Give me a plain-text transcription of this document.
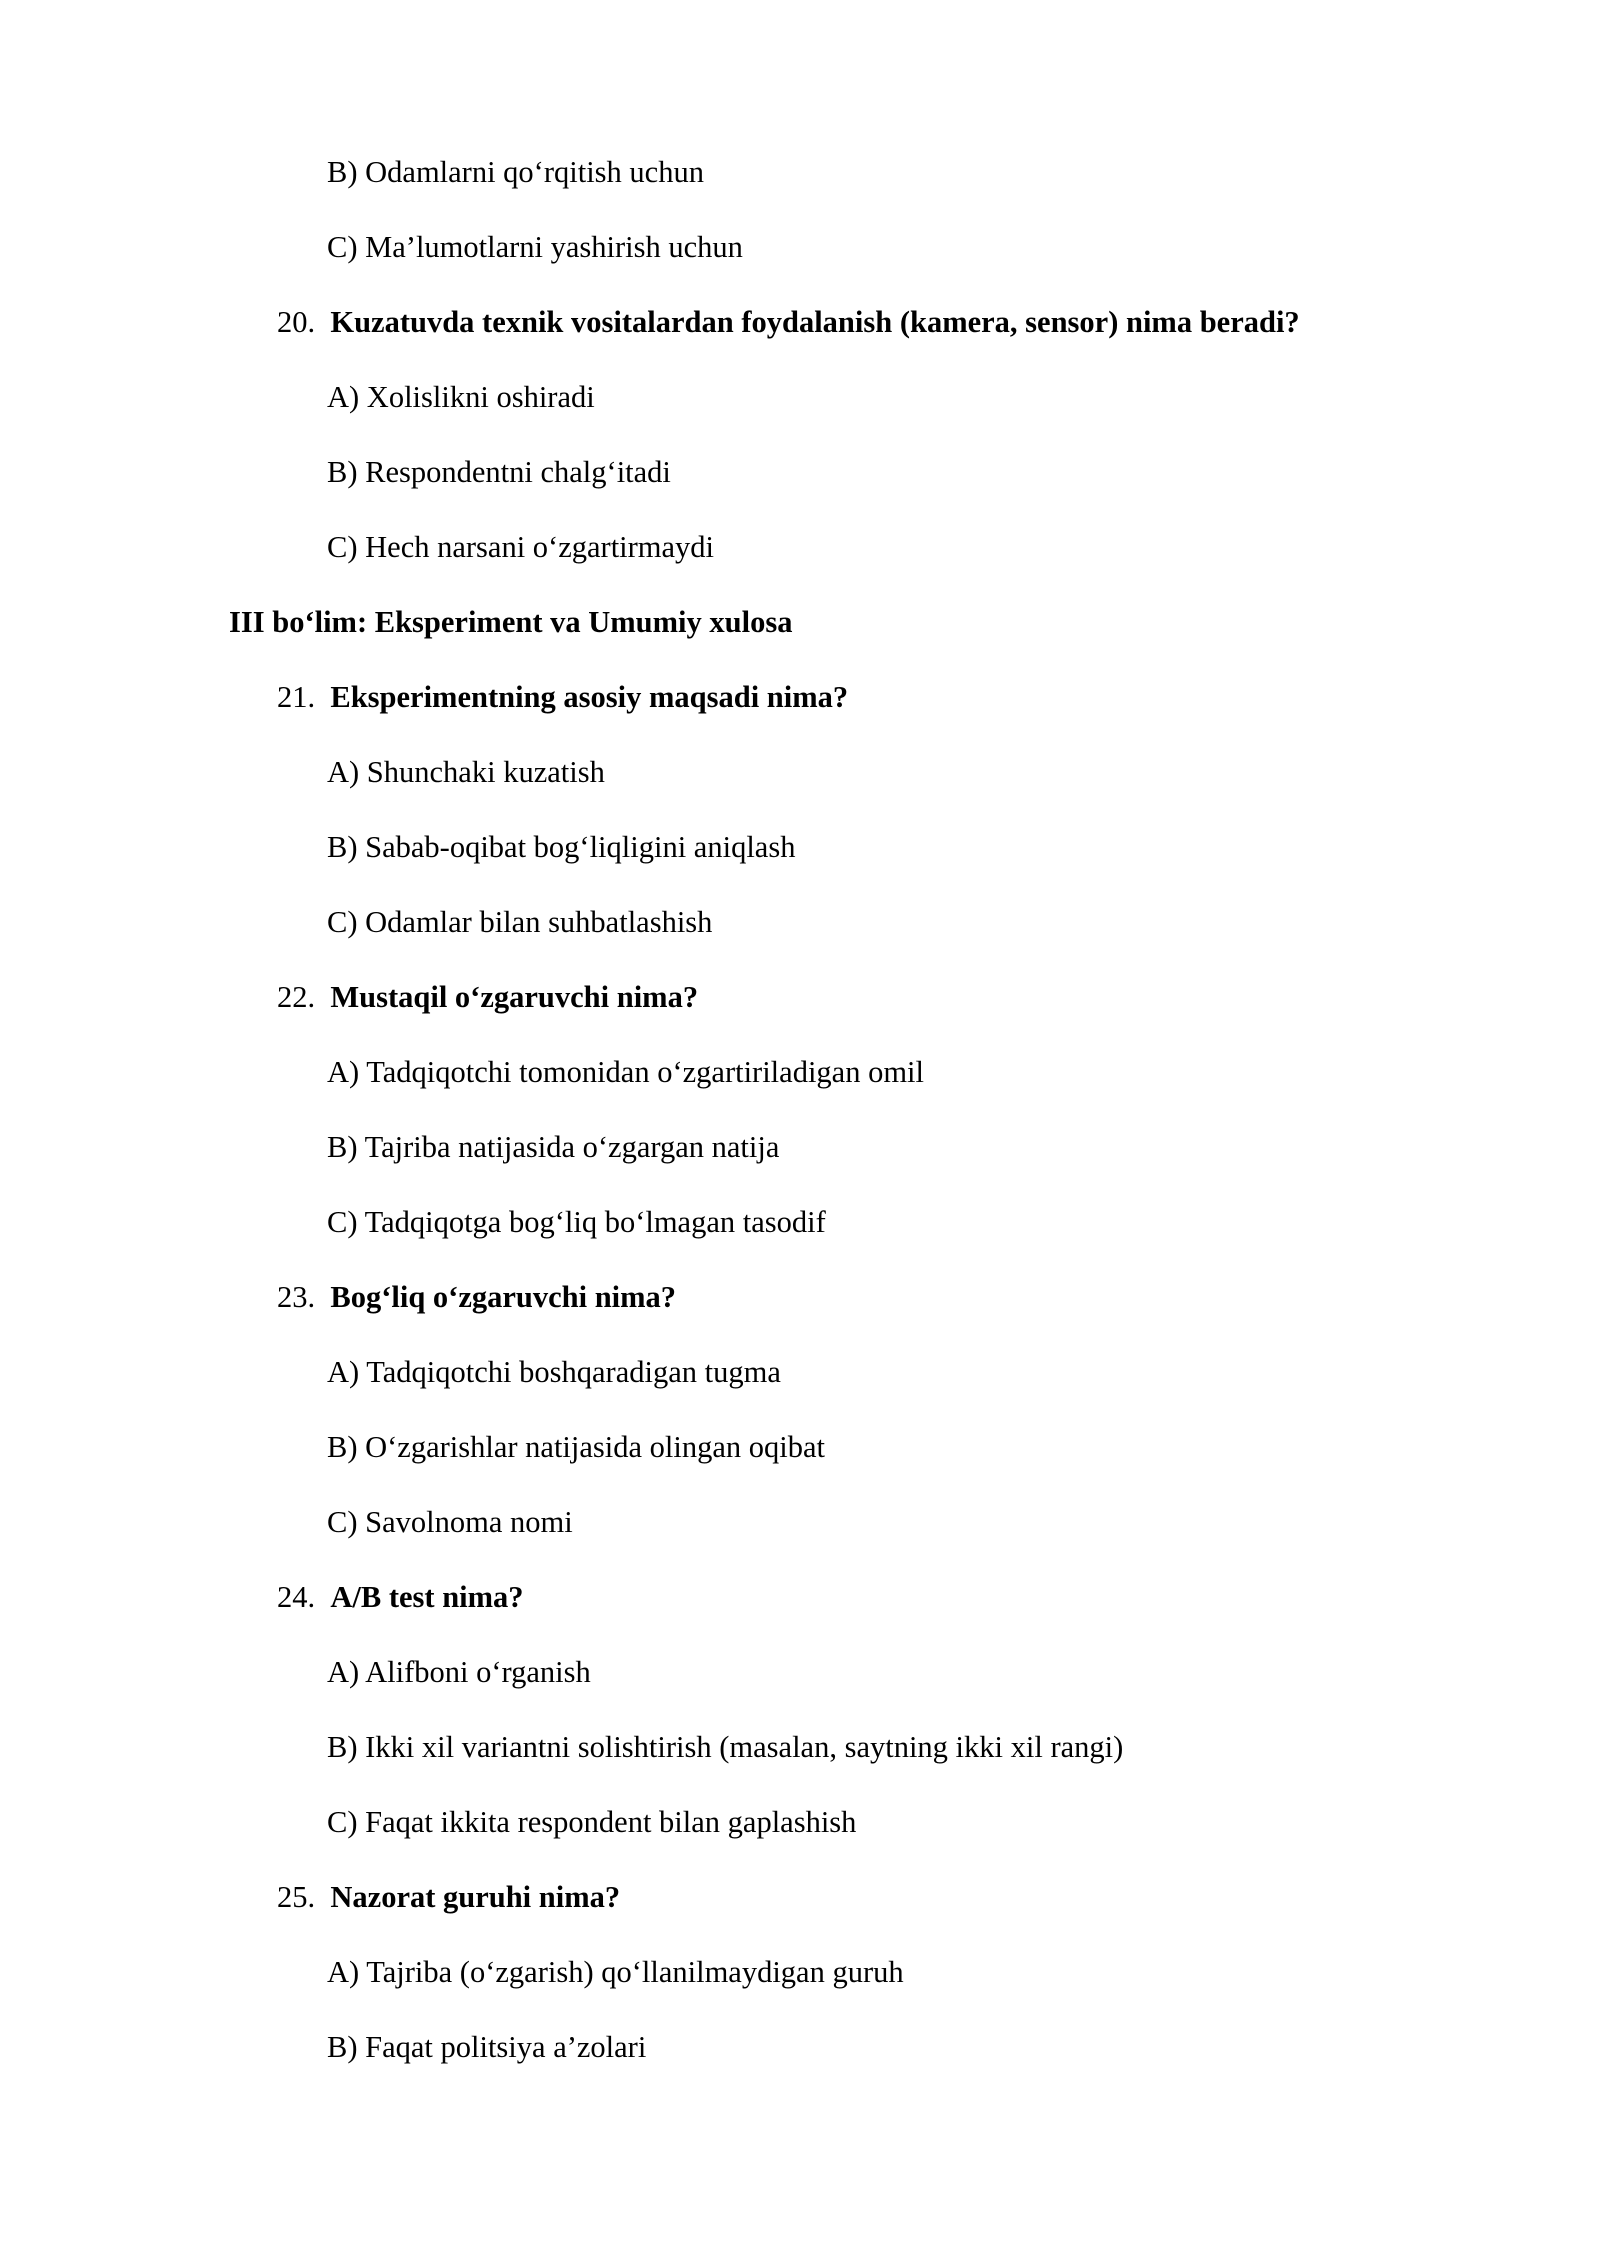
B) Odamlarni qo‘rqitish uchun
C) Ma’lumotlarni yashirish uchun
20.  Kuzatuvda texnik vositalardan foydalanish (kamera, sensor) nima beradi?
A) Xolislikni oshiradi
B) Respondentni chalg‘itadi
C) Hech narsani o‘zgartirmaydi
III bo‘lim: Eksperiment va Umumiy xulosa
21.  Eksperimentning asosiy maqsadi nima?
A) Shunchaki kuzatish
B) Sabab-oqibat bog‘liqligini aniqlash
C) Odamlar bilan suhbatlashish
22.  Mustaqil o‘zgaruvchi nima?
A) Tadqiqotchi tomonidan o‘zgartiriladigan omil
B) Tajriba natijasida o‘zgargan natija
C) Tadqiqotga bog‘liq bo‘lmagan tasodif
23.  Bog‘liq o‘zgaruvchi nima?
A) Tadqiqotchi boshqaradigan tugma
B) O‘zgarishlar natijasida olingan oqibat
C) Savolnoma nomi
24.  A/B test nima?
A) Alifboni o‘rganish
B) Ikki xil variantni solishtirish (masalan, saytning ikki xil rangi)
C) Faqat ikkita respondent bilan gaplashish
25.  Nazorat guruhi nima?
A) Tajriba (o‘zgarish) qo‘llanilmaydigan guruh
B) Faqat politsiya a’zolari
